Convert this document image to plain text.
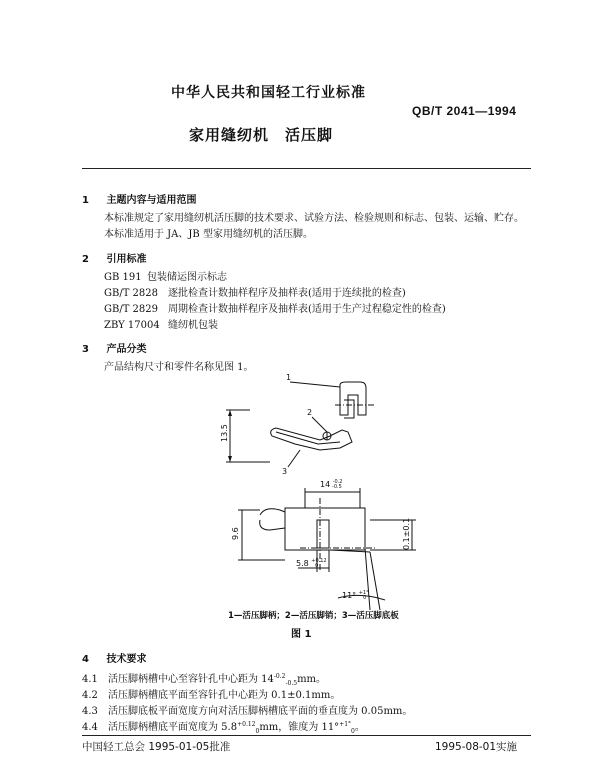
中华人民共和国轻工行业标准
QB/T 2041—1994
家用缝纫机　活压脚
1 主题内容与适用范围
本标准规定了家用缝纫机活压脚的技术要求、试验方法、检验规则和标志、包装、运输、贮存。
本标准适用于 JA、JB 型家用缝纫机的活压脚。
2 引用标准
GB 191 包装储运图示标志
GB/T 2828 逐批检查计数抽样程序及抽样表(适用于连续批的检查)
GB/T 2829 周期检查计数抽样程序及抽样表(适用于生产过程稳定性的检查)
ZBY 17004 缝纫机包装
3 产品分类
产品结构尺寸和零件名称见图 1。
1
2
3
13.5
14 $^{-0.2}$ -0.5
9.6	0.1±0.1
5.8 $^{+0.12}$ 0
11° $^{+1^\circ}$ 0
1—活压脚柄；2—活压脚销；3—活压脚底板
图 1
4 技术要求
4.1 活压脚柄槽中心至容针孔中心距为 $14^{-0.2}_{-0.5}mm$。
4.2 活压脚柄槽底平面至容针孔中心距为 0.1±0.1mm。
4.3 活压脚底板平面宽度方向对活压脚柄槽底平面的垂直度为 0.05mm。
4.4 活压脚柄槽底平面宽度为 $5.8^{+0.12}_0mm$，锥度为 11°$^{+1^\circ}_0$。
中国轻工总会 1995-01-05批准	1995-08-01实施
